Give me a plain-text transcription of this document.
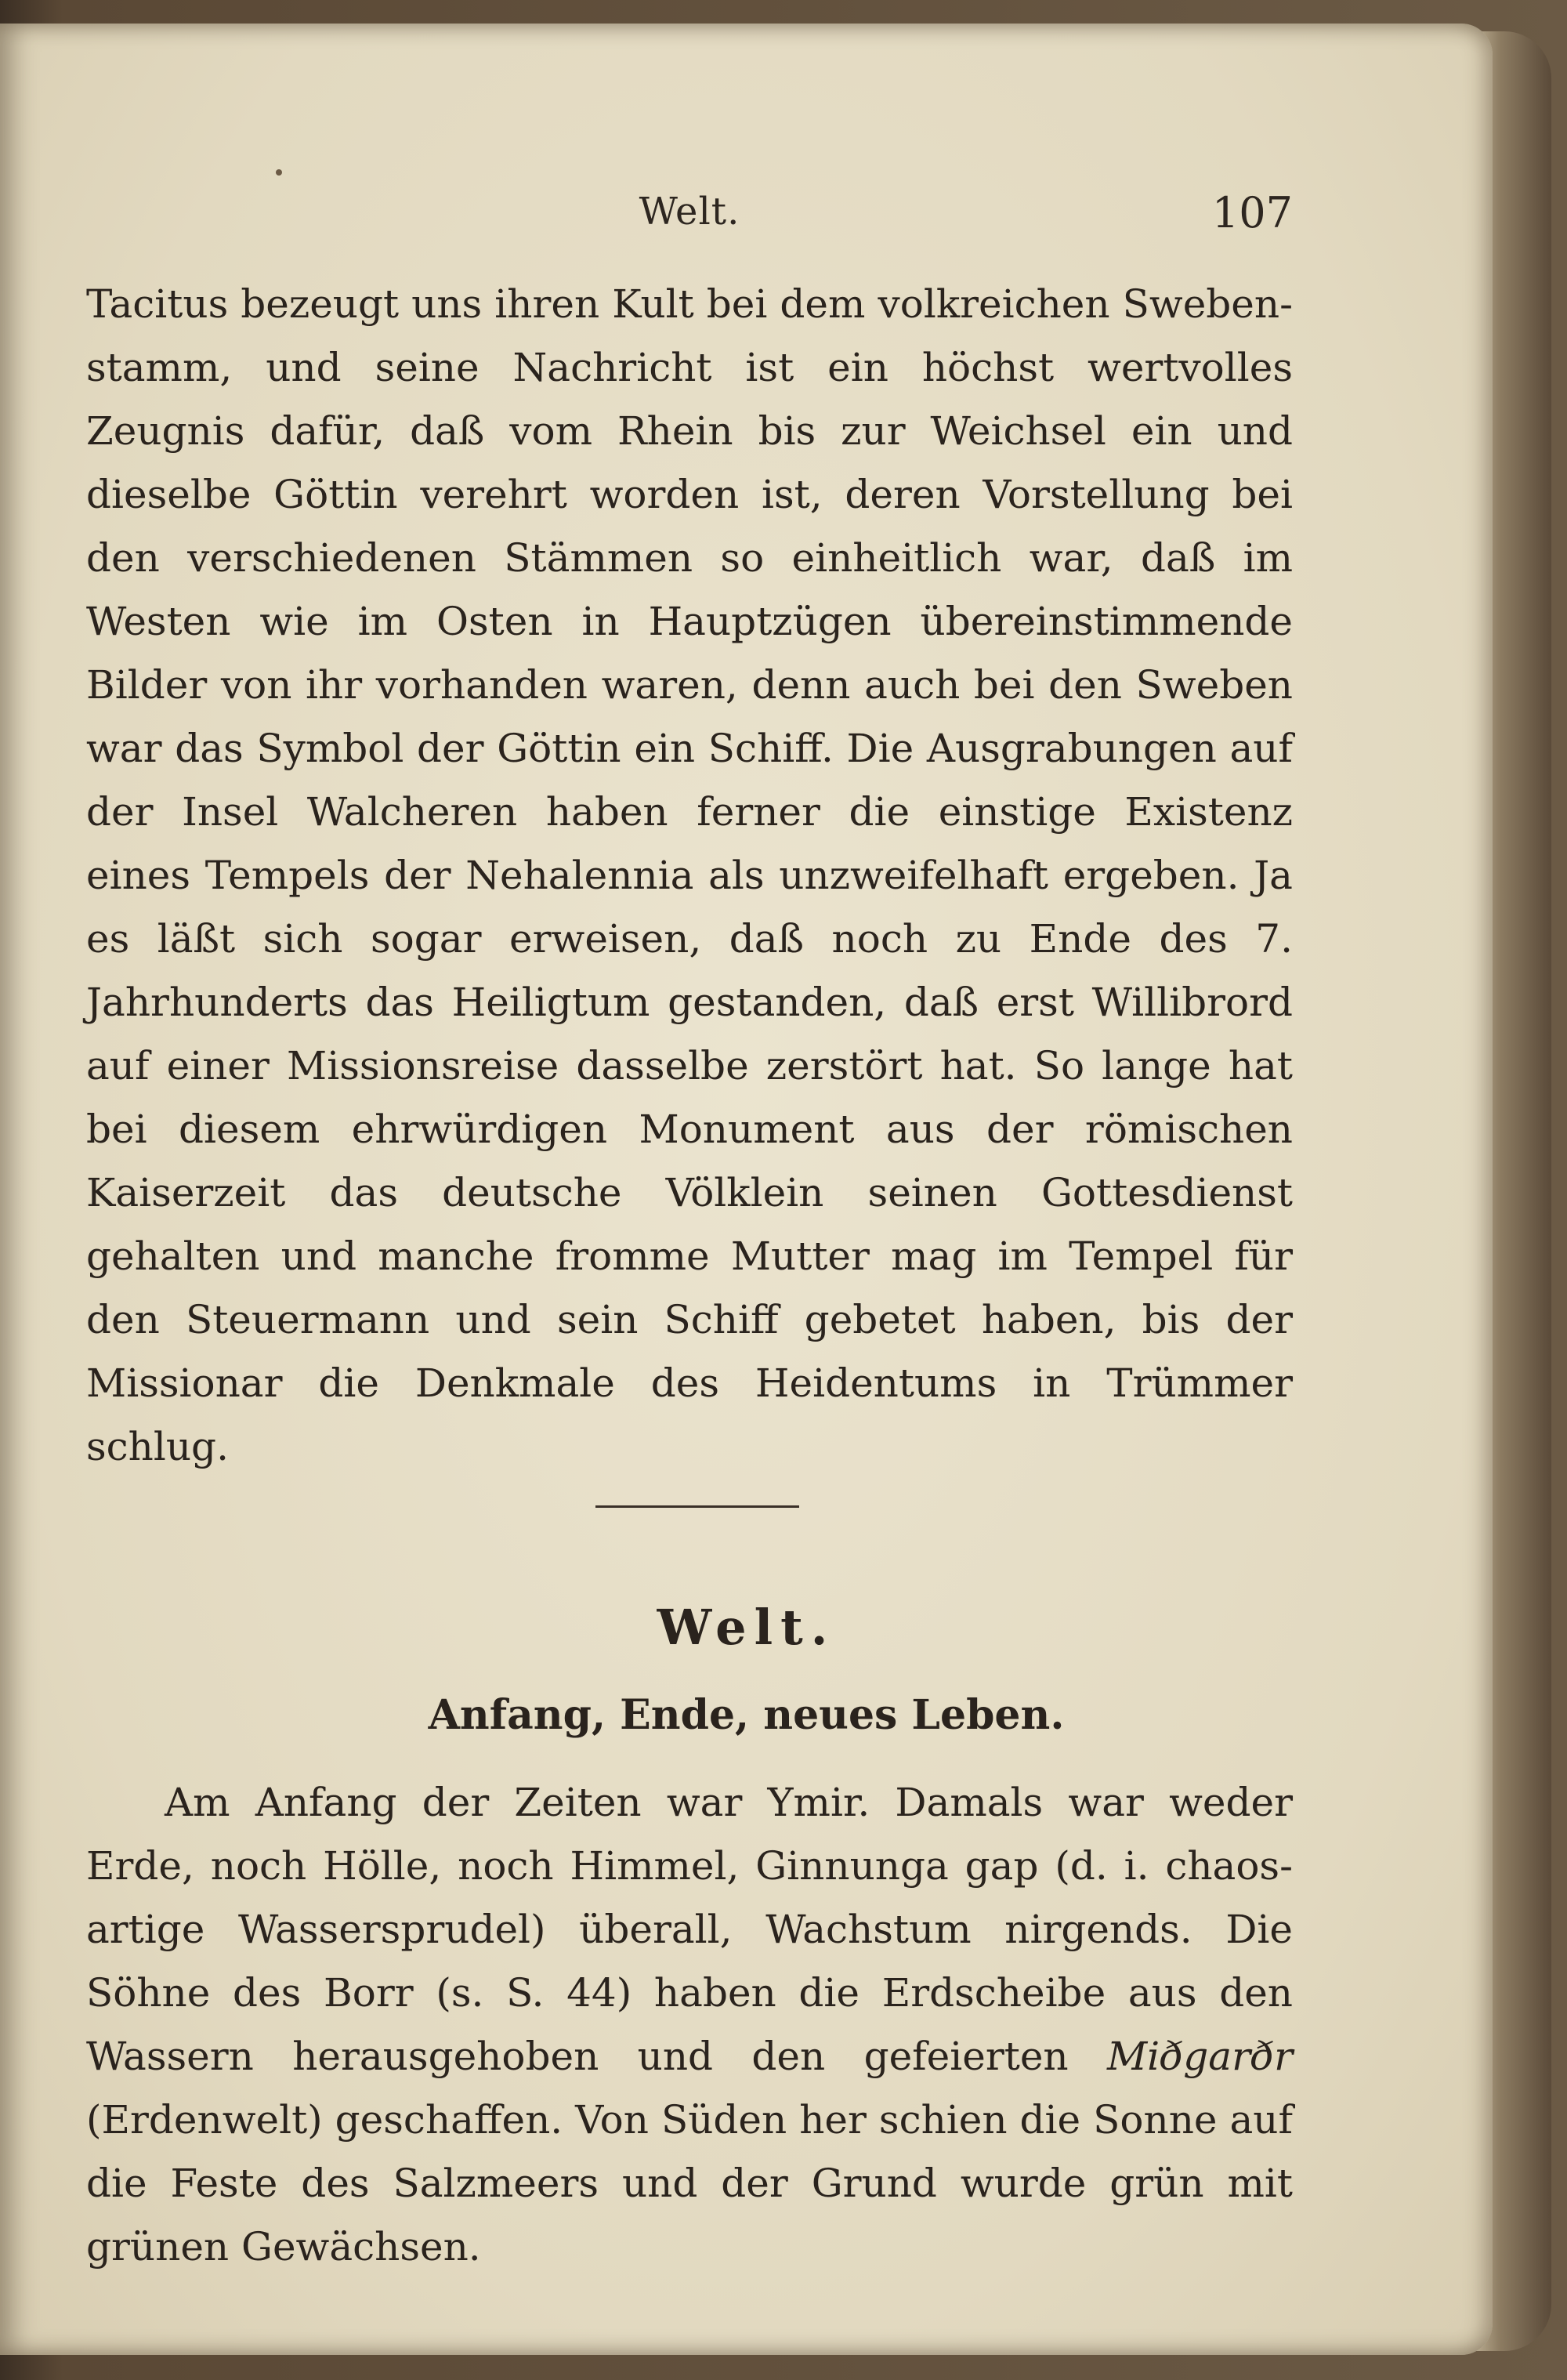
Welt.	107

Tacitus bezeugt uns ihren Kult bei dem volkreichen Swebenstamm, und seine Nachricht ist ein höchst wertvolles Zeugnis dafür, daß vom Rhein bis zur Weichsel ein und dieselbe Göttin verehrt worden ist, deren Vorstellung bei den verschiedenen Stämmen so einheitlich war, daß im Westen wie im Osten in Hauptzügen übereinstimmende Bilder von ihr vorhanden waren, denn auch bei den Sweben war das Symbol der Göttin ein Schiff. Die Ausgrabungen auf der Insel Walcheren haben ferner die einstige Existenz eines Tempels der Nehalennia als unzweifelhaft ergeben. Ja es läßt sich sogar erweisen, daß noch zu Ende des 7. Jahrhunderts das Heiligtum gestanden, daß erst Willibrord auf einer Missionsreise dasselbe zerstört hat. So lange hat bei diesem ehrwürdigen Monument aus der römischen Kaiserzeit das deutsche Völklein seinen Gottesdienst gehalten und manche fromme Mutter mag im Tempel für den Steuermann und sein Schiff gebetet haben, bis der Missionar die Denkmale des Heidentums in Trümmer schlug.

Welt.
Anfang, Ende, neues Leben.

Am Anfang der Zeiten war Ymir. Damals war weder Erde, noch Hölle, noch Himmel, Ginnunga gap (d. i. chaosartige Wassersprudel) überall, Wachstum nirgends. Die Söhne des Borr (s. S. 44) haben die Erdscheibe aus den Wassern herausgehoben und den gefeierten Miðgarðr (Erdenwelt) geschaffen. Von Süden her schien die Sonne auf die Feste des Salzmeers und der Grund wurde grün mit grünen Gewächsen.
